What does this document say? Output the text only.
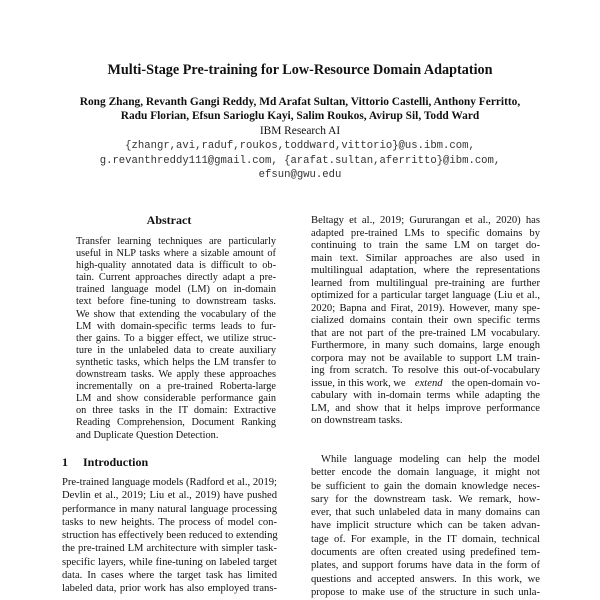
Multi-Stage Pre-training for Low-Resource Domain Adaptation
Rong Zhang, Revanth Gangi Reddy, Md Arafat Sultan, Vittorio Castelli, Anthony Ferritto,
Radu Florian, Efsun Sarioglu Kayi, Salim Roukos, Avirup Sil, Todd Ward
IBM Research AI
{zhangr,avi,raduf,roukos,toddward,vittorio}@us.ibm.com,
g.revanthreddy111@gmail.com, {arafat.sultan,aferritto}@ibm.com,
efsun@gwu.edu
Abstract
Transfer learning techniques are particularly
useful in NLP tasks where a sizable amount of
high-quality annotated data is difficult to ob-
tain. Current approaches directly adapt a pre-
trained language model (LM) on in-domain
text before fine-tuning to downstream tasks.
We show that extending the vocabulary of the
LM with domain-specific terms leads to fur-
ther gains. To a bigger effect, we utilize struc-
ture in the unlabeled data to create auxiliary
synthetic tasks, which helps the LM transfer to
downstream tasks. We apply these approaches
incrementally on a pre-trained Roberta-large
LM and show considerable performance gain
on three tasks in the IT domain: Extractive
Reading Comprehension, Document Ranking
and Duplicate Question Detection.
1 Introduction
Pre-trained language models (Radford et al., 2019;
Devlin et al., 2019; Liu et al., 2019) have pushed
performance in many natural language processing
tasks to new heights. The process of model con-
struction has effectively been reduced to extending
the pre-trained LM architecture with simpler task-
specific layers, while fine-tuning on labeled target
data. In cases where the target task has limited
labeled data, prior work has also employed trans-
Beltagy et al., 2019; Gururangan et al., 2020) has
adapted pre-trained LMs to specific domains by
continuing to train the same LM on target do-
main text. Similar approaches are also used in
multilingual adaptation, where the representations
learned from multilingual pre-training are further
optimized for a particular target language (Liu et al.,
2020; Bapna and Firat, 2019). However, many spe-
cialized domains contain their own specific terms
that are not part of the pre-trained LM vocabulary.
Furthermore, in many such domains, large enough
corpora may not be available to support LM train-
ing from scratch. To resolve this out-of-vocabulary
issue, in this work, we extend the open-domain vo-
cabulary with in-domain terms while adapting the
LM, and show that it helps improve performance
on downstream tasks.
While language modeling can help the model
better encode the domain language, it might not
be sufficient to gain the domain knowledge neces-
sary for the downstream task. We remark, how-
ever, that such unlabeled data in many domains can
have implicit structure which can be taken advan-
tage of. For example, in the IT domain, technical
documents are often created using predefined tem-
plates, and support forums have data in the form of
questions and accepted answers. In this work, we
propose to make use of the structure in such unla-
